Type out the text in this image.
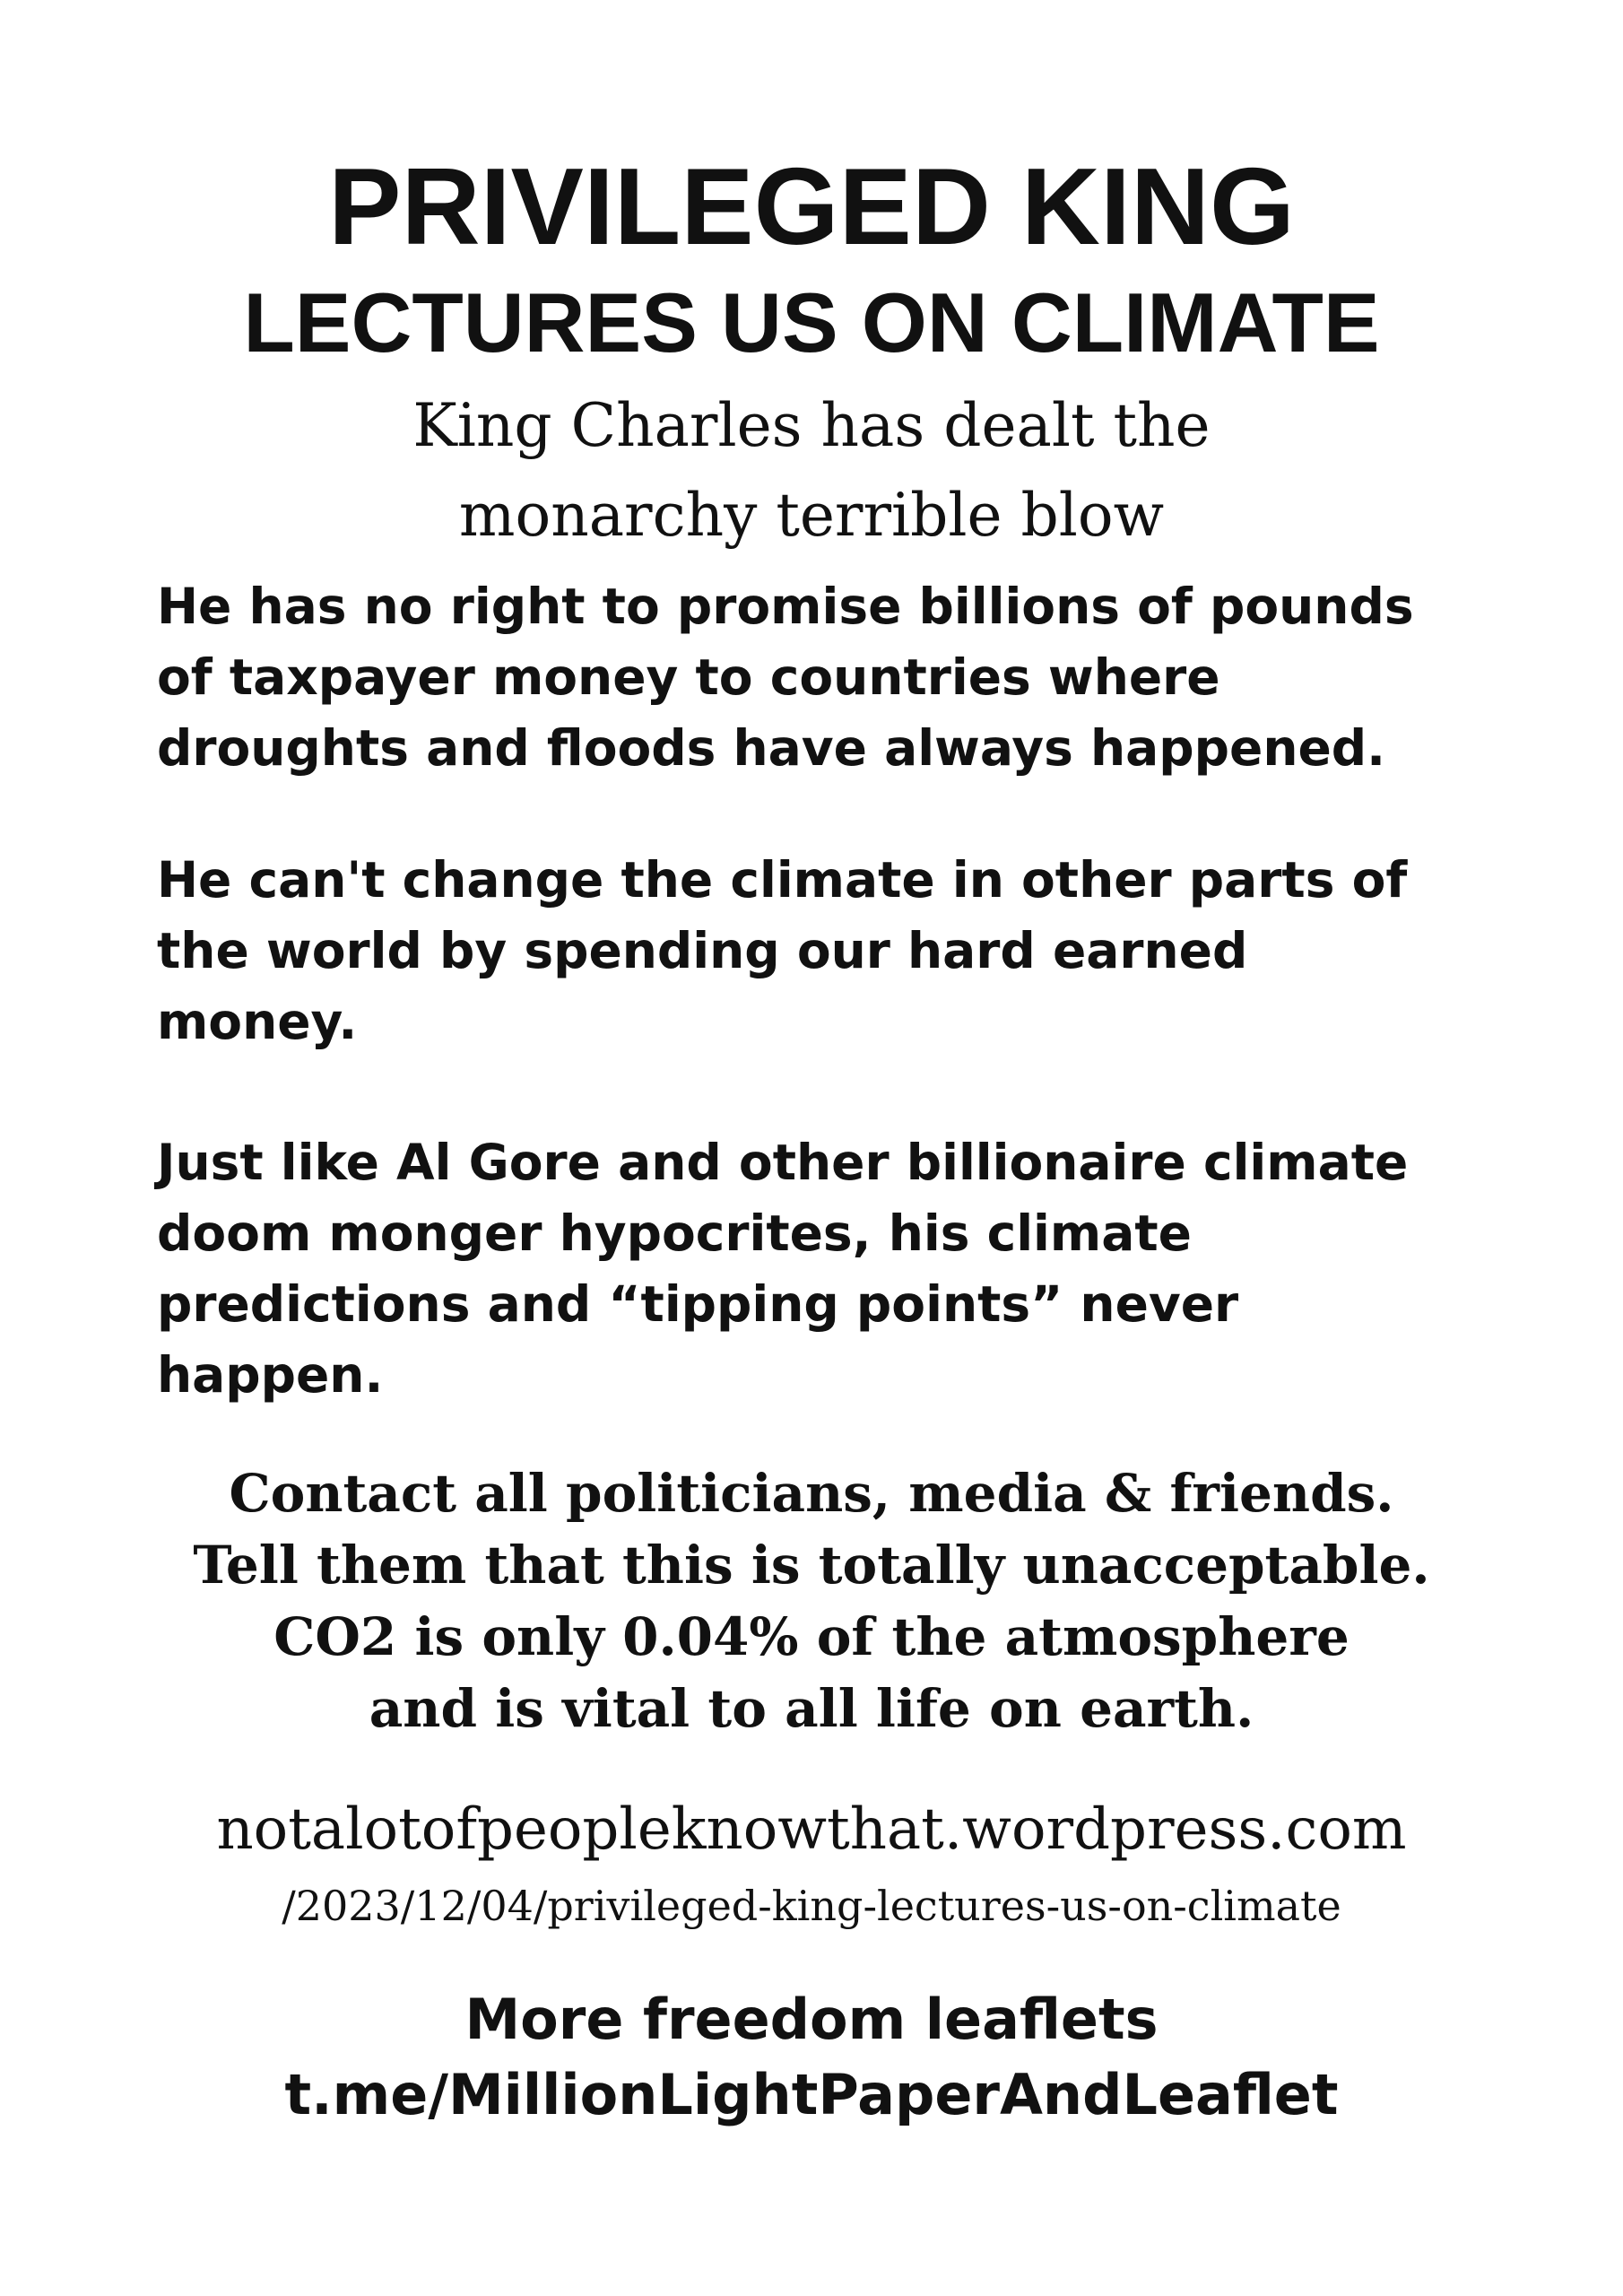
PRIVILEGED KING
LECTURES US ON CLIMATE
King Charles has dealt the
monarchy terrible blow

He has no right to promise billions of pounds
of taxpayer money to countries where
droughts and floods have always happened.

He can't change the climate in other parts of
the world by spending our hard earned
money.

Just like Al Gore and other billionaire climate
doom monger hypocrites, his climate
predictions and “tipping points” never
happen.

Contact all politicians, media & friends.
Tell them that this is totally unacceptable.
CO2 is only 0.04% of the atmosphere
and is vital to all life on earth.
notalotofpeopleknowthat.wordpress.com
/2023/12/04/privileged-king-lectures-us-on-climate
More freedom leaflets
t.me/MillionLightPaperAndLeaflet
